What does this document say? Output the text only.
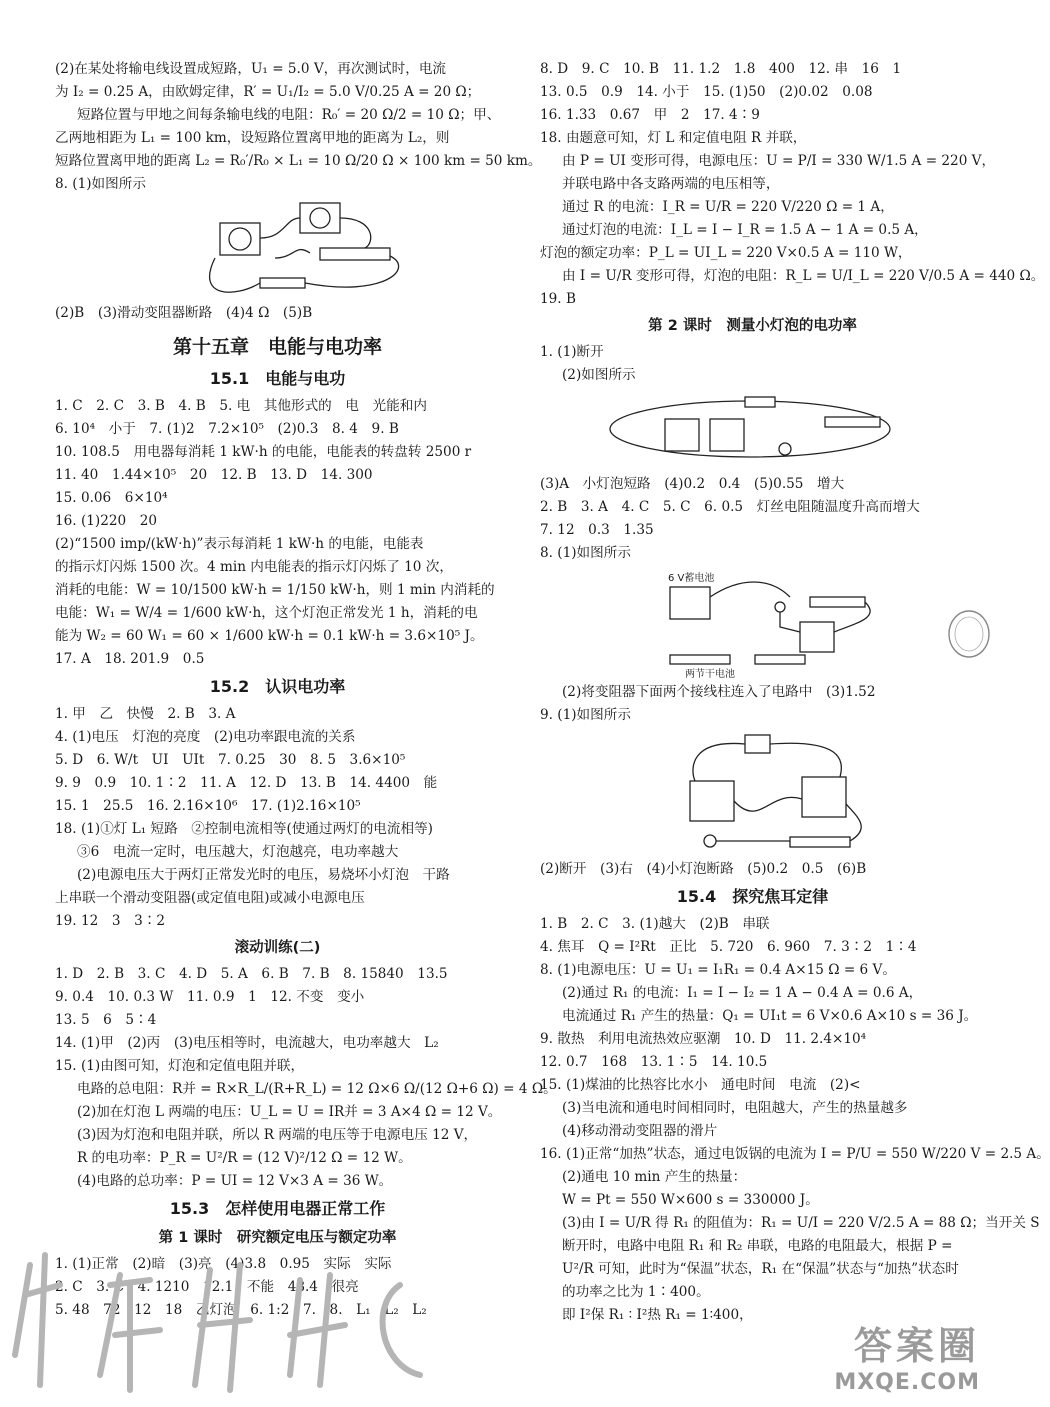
(2)在某处将输电线设置成短路，U₁ = 5.0 V，再次测试时，电流
为 I₂ = 0.25 A，由欧姆定律，R′ = U₁/I₂ = 5.0 V/0.25 A = 20 Ω；
短路位置与甲地之间每条输电线的电阻：R₀′ = 20 Ω/2 = 10 Ω；甲、
乙两地相距为 L₁ = 100 km，设短路位置离甲地的距离为 L₂，则
短路位置离甲地的距离 L₂ = R₀′/R₀ × L₁ = 10 Ω/20 Ω × 100 km = 50 km。
8. (1)如图所示
(2)B　(3)滑动变阻器断路　(4)4 Ω　(5)B
第十五章　电能与电功率
15.1　电能与电功
1. C　2. C　3. B　4. B　5. 电　其他形式的　电　光能和内
6. 10⁴　小于　7. (1)2　7.2×10⁵　(2)0.3　8. 4　9. B
10. 108.5　用电器每消耗 1 kW·h 的电能，电能表的转盘转 2500 r
11. 40　1.44×10⁵　20　12. B　13. D　14. 300
15. 0.06　6×10⁴
16. (1)220　20
(2)“1500 imp/(kW·h)”表示每消耗 1 kW·h 的电能，电能表
的指示灯闪烁 1500 次。4 min 内电能表的指示灯闪烁了 10 次，
消耗的电能：W = 10/1500 kW·h = 1/150 kW·h，则 1 min 内消耗的
电能：W₁ = W/4 = 1/600 kW·h，这个灯泡正常发光 1 h，消耗的电
能为 W₂ = 60 W₁ = 60 × 1/600 kW·h = 0.1 kW·h = 3.6×10⁵ J。
17. A　18. 201.9　0.5
15.2　认识电功率
1. 甲　乙　快慢　2. B　3. A
4. (1)电压　灯泡的亮度　(2)电功率跟电流的关系
5. D　6. W/t　UI　UIt　7. 0.25　30　8. 5　3.6×10⁵
9. 9　0.9　10. 1∶2　11. A　12. D　13. B　14. 4400　能
15. 1　25.5　16. 2.16×10⁶　17. (1)2.16×10⁵
18. (1)①灯 L₁ 短路　②控制电流相等(使通过两灯的电流相等)
③6　电流一定时，电压越大，灯泡越亮，电功率越大
(2)电源电压大于两灯正常发光时的电压，易烧坏小灯泡　干路
上串联一个滑动变阻器(或定值电阻)或减小电源电压
19. 12　3　3∶2
滚动训练(二)
1. D　2. B　3. C　4. D　5. A　6. B　7. B　8. 15840　13.5
9. 0.4　10. 0.3 W　11. 0.9　1　12. 不变　变小
13. 5　6　5∶4
14. (1)甲　(2)丙　(3)电压相等时，电流越大，电功率越大　L₂
15. (1)由图可知，灯泡和定值电阻并联，
电路的总电阻：R并 = R×R_L/(R+R_L) = 12 Ω×6 Ω/(12 Ω+6 Ω) = 4 Ω。
(2)加在灯泡 L 两端的电压：U_L = U = IR并 = 3 A×4 Ω = 12 V。
(3)因为灯泡和电阻并联，所以 R 两端的电压等于电源电压 12 V，
R 的电功率：P_R = U²/R = (12 V)²/12 Ω = 12 W。
(4)电路的总功率：P = UI = 12 V×3 A = 36 W。
15.3　怎样使用电器正常工作
第 1 课时　研究额定电压与额定功率
1. (1)正常　(2)暗　(3)亮　(4)3.8　0.95　实际　实际
2. C　3. C　4. 1210　12.1　不能　48.4　很亮
5. 48　72　12　18　乙灯泡　6. 1:2　7.　8.　L₁　L₂　L₂
8. D　9. C　10. B　11. 1.2　1.8　400　12. 串　16　1
13. 0.5　0.9　14. 小于　15. (1)50　(2)0.02　0.08
16. 1.33　0.67　甲　2　17. 4∶9
18. 由题意可知，灯 L 和定值电阻 R 并联，
由 P = UI 变形可得，电源电压：U = P/I = 330 W/1.5 A = 220 V，
并联电路中各支路两端的电压相等，
通过 R 的电流：I_R = U/R = 220 V/220 Ω = 1 A，
通过灯泡的电流：I_L = I − I_R = 1.5 A − 1 A = 0.5 A，
灯泡的额定功率：P_L = UI_L = 220 V×0.5 A = 110 W，
由 I = U/R 变形可得，灯泡的电阻：R_L = U/I_L = 220 V/0.5 A = 440 Ω。
19. B
第 2 课时　测量小灯泡的电功率
1. (1)断开
(2)如图所示
(3)A　小灯泡短路　(4)0.2　0.4　(5)0.55　增大
2. B　3. A　4. C　5. C　6. 0.5　灯丝电阻随温度升高而增大
7. 12　0.3　1.35
8. (1)如图所示
6 V蓄电池
两节干电池
(2)将变阻器下面两个接线柱连入了电路中　(3)1.52
9. (1)如图所示
(2)断开　(3)右　(4)小灯泡断路　(5)0.2　0.5　(6)B
15.4　探究焦耳定律
1. B　2. C　3. (1)越大　(2)B　串联
4. 焦耳　Q = I²Rt　正比　5. 720　6. 960　7. 3∶2　1∶4
8. (1)电源电压：U = U₁ = I₁R₁ = 0.4 A×15 Ω = 6 V。
(2)通过 R₁ 的电流：I₁ = I − I₂ = 1 A − 0.4 A = 0.6 A，
电流通过 R₁ 产生的热量：Q₁ = UI₁t = 6 V×0.6 A×10 s = 36 J。
9. 散热　利用电流热效应驱潮　10. D　11. 2.4×10⁴
12. 0.7　168　13. 1∶5　14. 10.5
15. (1)煤油的比热容比水小　通电时间　电流　(2)<
(3)当电流和通电时间相同时，电阻越大，产生的热量越多
(4)移动滑动变阻器的滑片
16. (1)正常“加热”状态，通过电饭锅的电流为 I = P/U = 550 W/220 V = 2.5 A。
(2)通电 10 min 产生的热量：
W = Pt = 550 W×600 s = 330000 J。
(3)由 I = U/R 得 R₁ 的阻值为：R₁ = U/I = 220 V/2.5 A = 88 Ω；当开关 S
断开时，电路中电阻 R₁ 和 R₂ 串联，电路的电阻最大，根据 P =
U²/R 可知，此时为“保温”状态，R₁ 在“保温”状态与“加热”状态时
的功率之比为 1∶400。
即 I²保 R₁ ∶ I²热 R₁ = 1∶400，
答案圈
MXQE.COM
